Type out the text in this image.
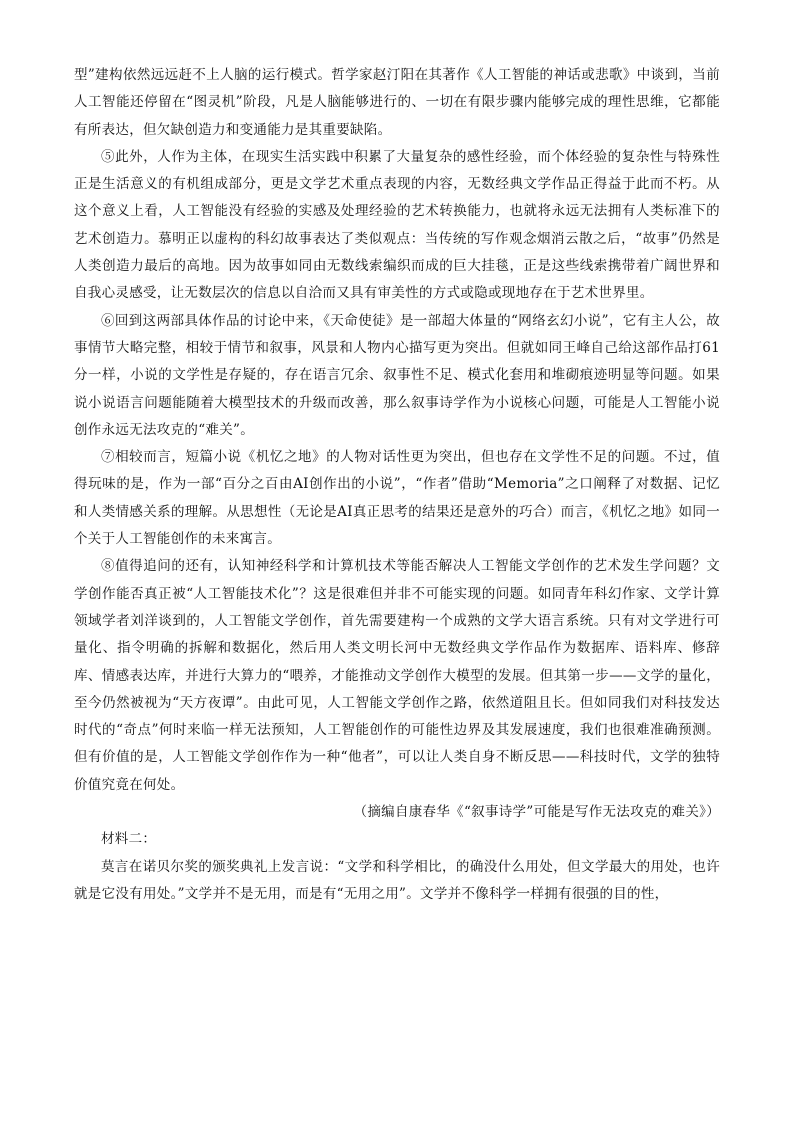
型”建构依然远远赶不上人脑的运行模式。哲学家赵汀阳在其著作《人工智能的神话或悲歌》中谈到，当前人工智能还停留在“图灵机”阶段，凡是人脑能够进行的、一切在有限步骤内能够完成的理性思维，它都能有所表达，但欠缺创造力和变通能力是其重要缺陷。

⑤此外，人作为主体，在现实生活实践中积累了大量复杂的感性经验，而个体经验的复杂性与特殊性正是生活意义的有机组成部分，更是文学艺术重点表现的内容，无数经典文学作品正得益于此而不朽。从这个意义上看，人工智能没有经验的实感及处理经验的艺术转换能力，也就将永远无法拥有人类标准下的艺术创造力。慕明正以虚构的科幻故事表达了类似观点：当传统的写作观念烟消云散之后，“故事”仍然是人类创造力最后的高地。因为故事如同由无数线索编织而成的巨大挂毯，正是这些线索携带着广阔世界和自我心灵感受，让无数层次的信息以自洽而又具有审美性的方式或隐或现地存在于艺术世界里。

⑥回到这两部具体作品的讨论中来，《天命使徒》是一部超大体量的“网络玄幻小说”，它有主人公，故事情节大略完整，相较于情节和叙事，风景和人物内心描写更为突出。但就如同王峰自己给这部作品打61分一样，小说的文学性是存疑的，存在语言冗余、叙事性不足、模式化套用和堆砌痕迹明显等问题。如果说小说语言问题能随着大模型技术的升级而改善，那么叙事诗学作为小说核心问题，可能是人工智能小说创作永远无法攻克的“难关”。

⑦相较而言，短篇小说《机忆之地》的人物对话性更为突出，但也存在文学性不足的问题。不过，值得玩味的是，作为一部“百分之百由AI创作出的小说”，“作者”借助“Memoria”之口阐释了对数据、记忆和人类情感关系的理解。从思想性（无论是AI真正思考的结果还是意外的巧合）而言，《机忆之地》如同一个关于人工智能创作的未来寓言。

⑧值得追问的还有，认知神经科学和计算机技术等能否解决人工智能文学创作的艺术发生学问题？文学创作能否真正被“人工智能技术化”？这是很难但并非不可能实现的问题。如同青年科幻作家、文学计算领域学者刘洋谈到的，人工智能文学创作，首先需要建构一个成熟的文学大语言系统。只有对文学进行可量化、指令明确的拆解和数据化，然后用人类文明长河中无数经典文学作品作为数据库、语料库、修辞库、情感表达库，并进行大算力的“喂养，才能推动文学创作大模型的发展。但其第一步——文学的量化，至今仍然被视为“天方夜谭”。由此可见，人工智能文学创作之路，依然道阻且长。但如同我们对科技发达时代的“奇点”何时来临一样无法预知，人工智能创作的可能性边界及其发展速度，我们也很难准确预测。但有价值的是，人工智能文学创作作为一种“他者”，可以让人类自身不断反思——科技时代，文学的独特价值究竟在何处。

（摘编自康春华《“叙事诗学”可能是写作无法攻克的难关》）

材料二：

莫言在诺贝尔奖的颁奖典礼上发言说：“文学和科学相比，的确没什么用处，但文学最大的用处，也许就是它没有用处。”文学并不是无用，而是有“无用之用”。文学并不像科学一样拥有很强的目的性，
